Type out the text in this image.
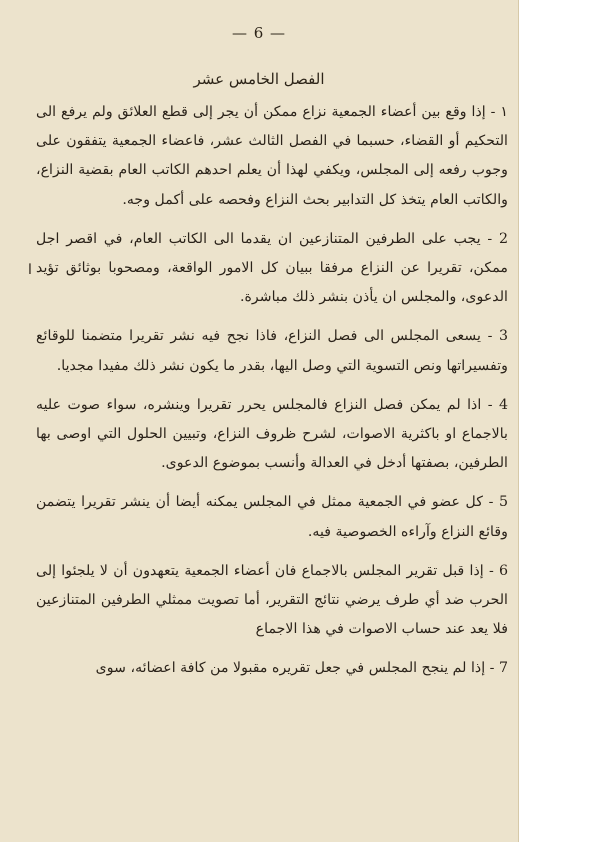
— 6 —
الفصل الخامس عشر
ا

١ - إذا وقع بين أعضاء الجمعية نزاع ممكن أن يجر إلى قطع العلائق ولم يرفع الى التحكيم أو القضاء، حسبما في الفصل الثالث عشر، فاعضاء الجمعية يتفقون على وجوب رفعه إلى المجلس، ويكفي لهذا أن يعلم احدهم الكاتب العام بقضية النزاع، والكاتب العام يتخذ كل التدابير بحث النزاع وفحصه على أكمل وجه.

2 - يجب على الطرفين المتنازعين ان يقدما الى الكاتب العام، في اقصر اجل ممكن، تقريرا عن النزاع مرفقا ببيان كل الامور الواقعة، ومصحوبا بوثائق تؤيد الدعوى، والمجلس ان يأذن بنشر ذلك مباشرة.

3 - يسعى المجلس الى فصل النزاع، فاذا نجح فيه نشر تقريرا متضمنا للوقائع وتفسيراتها ونص التسوية التي وصل اليها، بقدر ما يكون نشر ذلك مفيدا مجديا.

4 - اذا لم يمكن فصل النزاع فالمجلس يحرر تقريرا وينشره، سواء صوت عليه بالاجماع او باكثرية الاصوات، لشرح ظروف النزاع، وتبيين الحلول التي اوصى بها الطرفين، بصفتها أدخل في العدالة وأنسب بموضوع الدعوى.

5 - كل عضو في الجمعية ممثل في المجلس يمكنه أيضا أن ينشر تقريرا يتضمن وقائع النزاع وآراءه الخصوصية فيه.

6 - إذا قبل تقرير المجلس بالاجماع فان أعضاء الجمعية يتعهدون أن لا يلجئوا إلى الحرب ضد أي طرف يرضي نتائج التقرير، أما تصويت ممثلي الطرفين المتنازعين فلا يعد عند حساب الاصوات في هذا الاجماع

7 - إذا لم ينجح المجلس في جعل تقريره مقبولا من كافة اعضائه، سوى
